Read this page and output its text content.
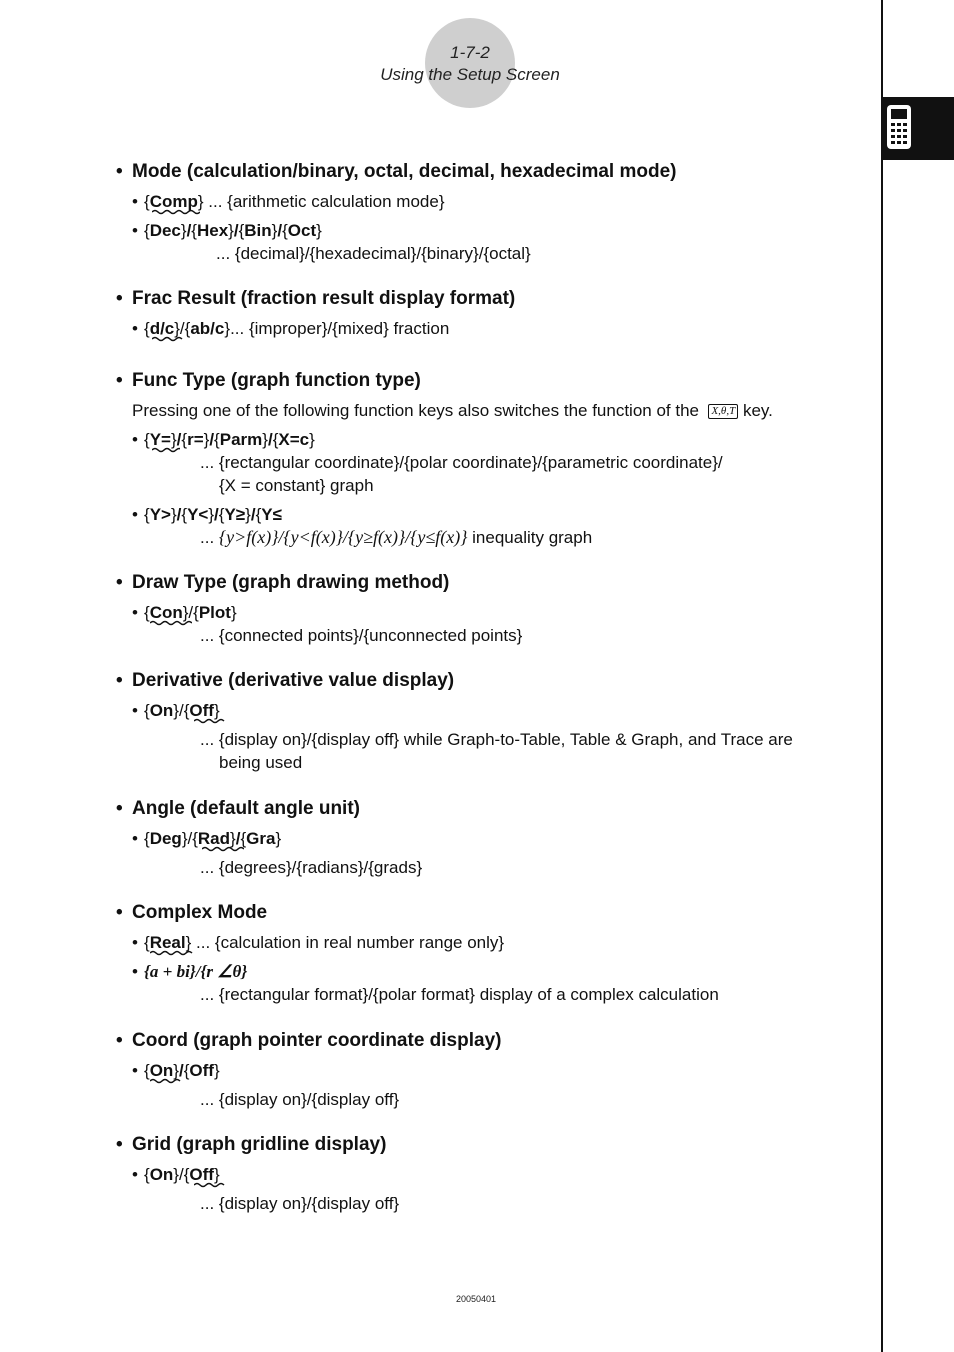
1-7-2
Using the Setup Screen
• Mode (calculation/binary, octal, decimal, hexadecimal mode)
• {Comp} ... {arithmetic calculation mode}
• {Dec}/{Hex}/{Bin}/{Oct}
... {decimal}/{hexadecimal}/{binary}/{octal}
• Frac Result (fraction result display format)
• {d/c}/{ab/c}... {improper}/{mixed} fraction
• Func Type (graph function type)
Pressing one of the following function keys also switches the function of the X,θ,T key.
• {Y=}/{r=}/{Parm}/{X=c}
... {rectangular coordinate}/{polar coordinate}/{parametric coordinate}/
{X = constant} graph
• {Y>}/{Y<}/{Y≥}/{Y≤
... {y>f(x)}/{y<f(x)}/{y≥f(x)}/{y≤f(x)} inequality graph
• Draw Type (graph drawing method)
• {Con}/{Plot}
... {connected points}/{unconnected points}
• Derivative (derivative value display)
• {On}/{Off}
... {display on}/{display off} while Graph-to-Table, Table & Graph, and Trace are
being used
• Angle (default angle unit)
• {Deg}/{Rad}/{Gra}
... {degrees}/{radians}/{grads}
• Complex Mode
• {Real} ... {calculation in real number range only}
• {a + bi}/{r ∠θ}
... {rectangular format}/{polar format} display of a complex calculation
• Coord (graph pointer coordinate display)
• {On}/{Off}
... {display on}/{display off}
• Grid (graph gridline display)
• {On}/{Off}
... {display on}/{display off}
20050401
